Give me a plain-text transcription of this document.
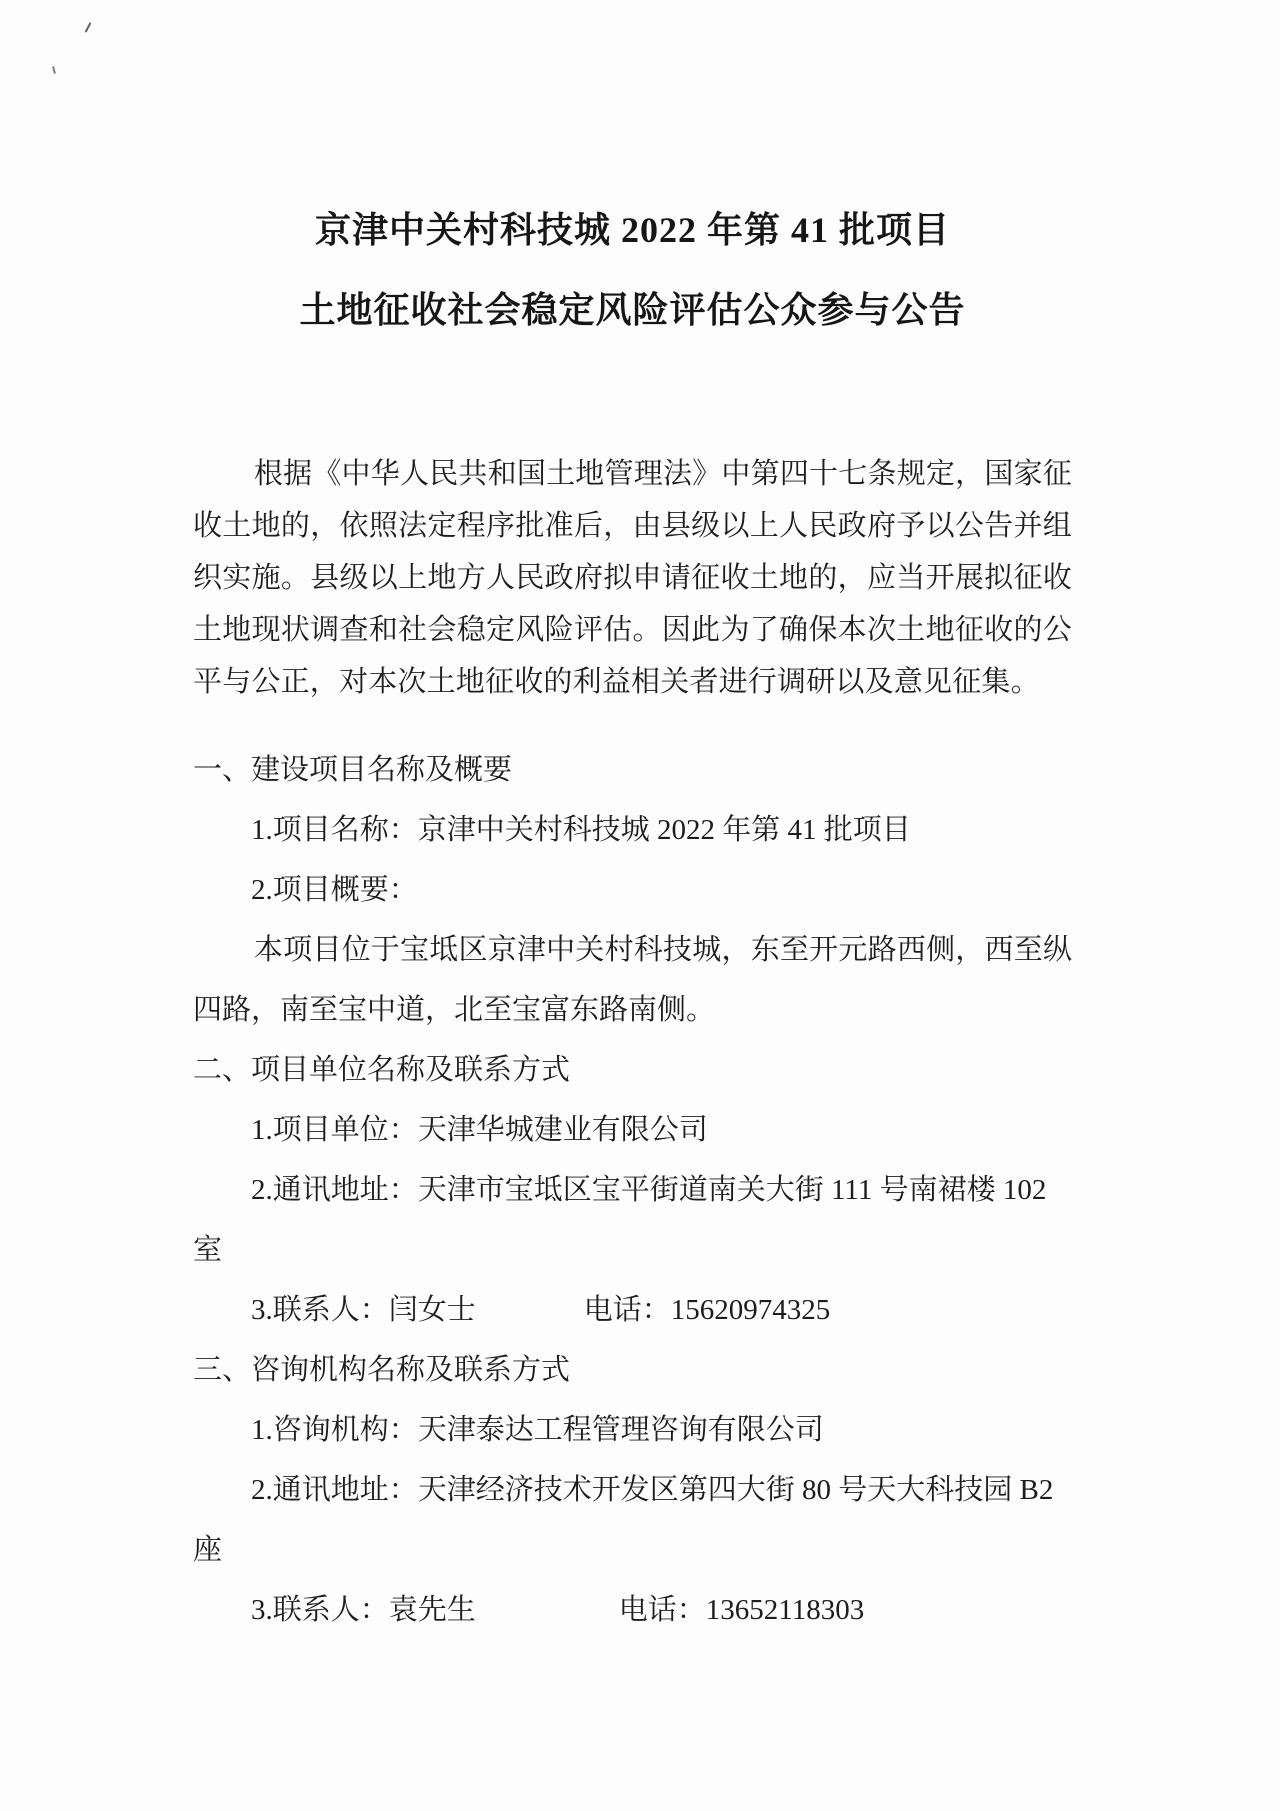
京津中关村科技城 2022 年第 41 批项目
土地征收社会稳定风险评估公众参与公告

根据《中华人民共和国土地管理法》中第四十七条规定，国家征收土地的，依照法定程序批准后，由县级以上人民政府予以公告并组织实施。县级以上地方人民政府拟申请征收土地的，应当开展拟征收土地现状调查和社会稳定风险评估。因此为了确保本次土地征收的公平与公正，对本次土地征收的利益相关者进行调研以及意见征集。

一、建设项目名称及概要
1.项目名称：京津中关村科技城 2022 年第 41 批项目
2.项目概要：

本项目位于宝坻区京津中关村科技城，东至开元路西侧，西至纵四路，南至宝中道，北至宝富东路南侧。

二、项目单位名称及联系方式
1.项目单位：天津华城建业有限公司
2.通讯地址：天津市宝坻区宝平街道南关大街 111 号南裙楼 102
室
3.联系人：闫女士	电话：15620974325
三、咨询机构名称及联系方式
1.咨询机构：天津泰达工程管理咨询有限公司
2.通讯地址：天津经济技术开发区第四大街 80 号天大科技园 B2
座
3.联系人：袁先生	电话：13652118303
